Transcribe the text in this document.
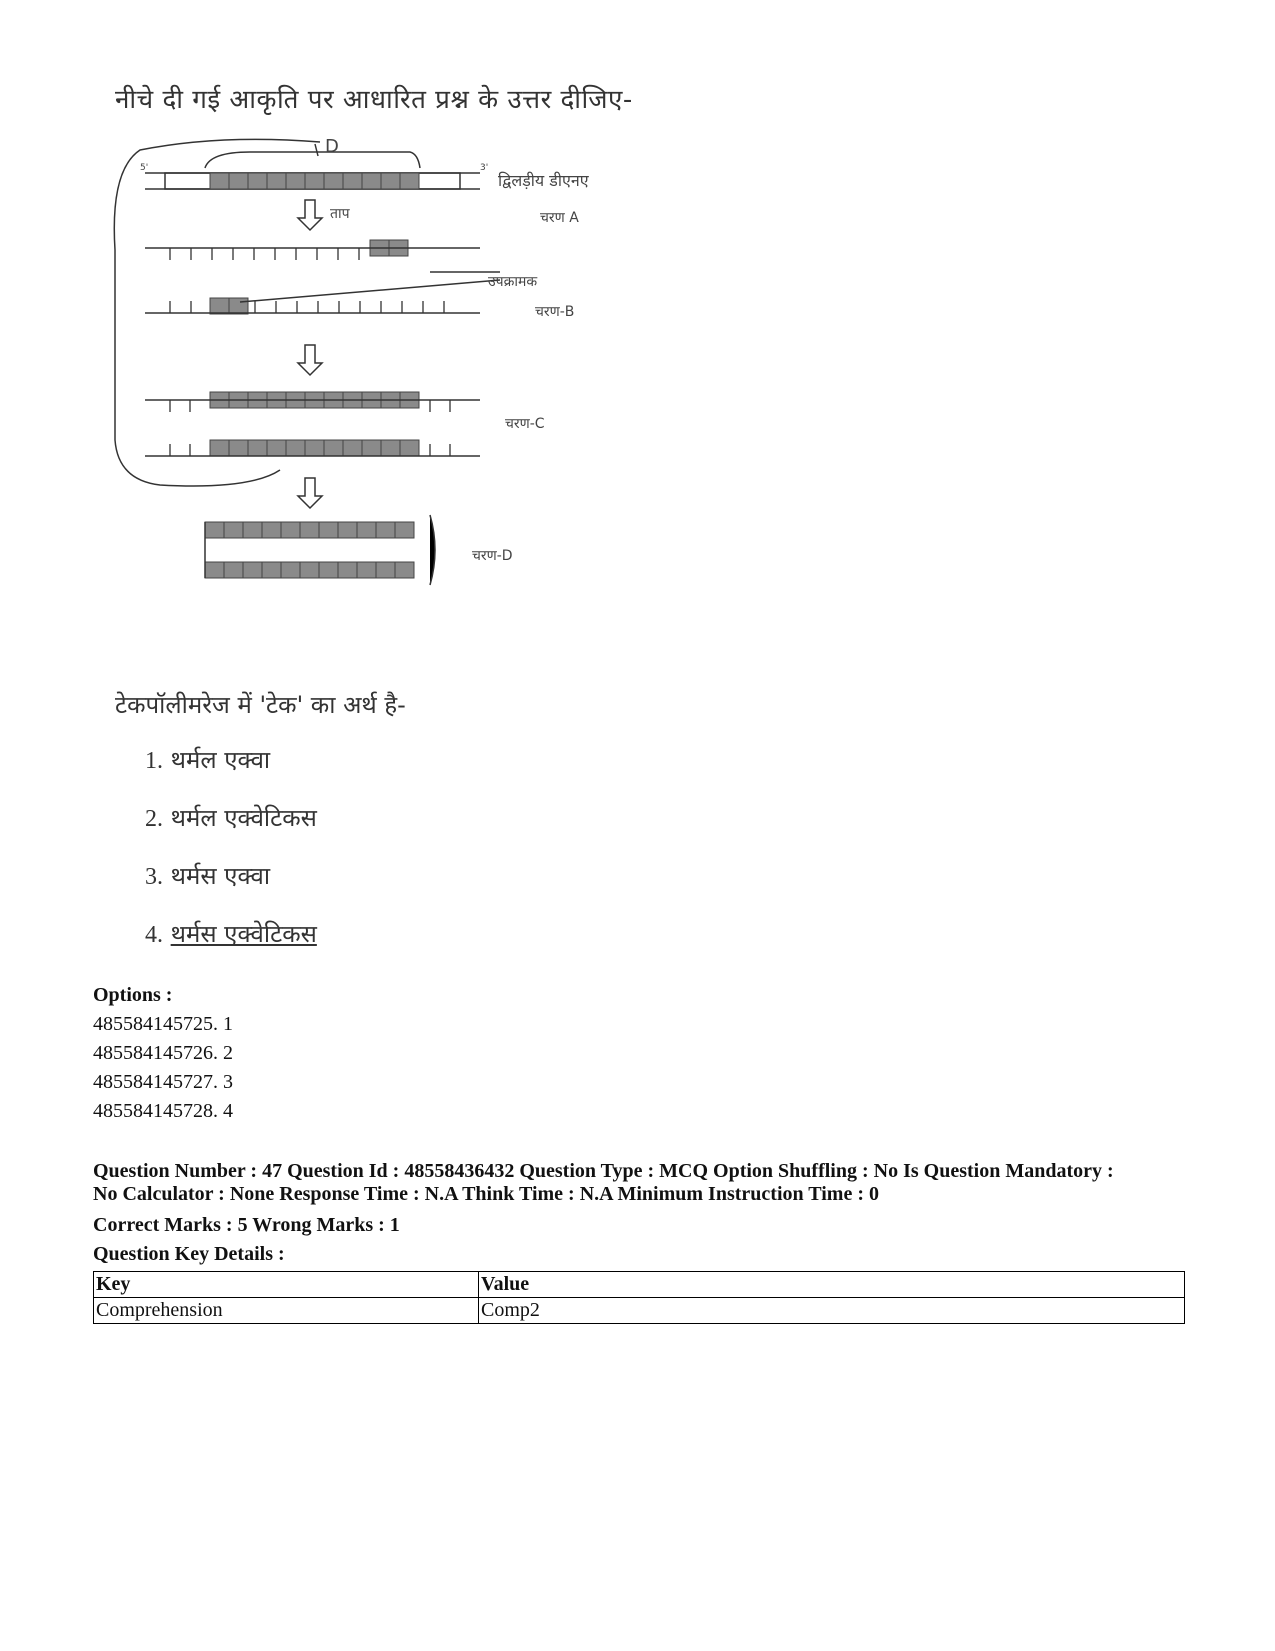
नीचे दी गई आकृति पर आधारित प्रश्न के उत्तर दीजिए-
D
द्विलड़ीय डीएनए
ताप	चरण A
उपक्रामक
चरण-B
चरण-C
चरण-D
5'	3'
टेकपॉलीमरेज में 'टेक' का अर्थ है-
1. थर्मल एक्वा
2. थर्मल एक्वेटिकस
3. थर्मस एक्वा
4. थर्मस एक्वेटिकस
Options :
485584145725. 1
485584145726. 2
485584145727. 3
485584145728. 4
Question Number : 47 Question Id : 48558436432 Question Type : MCQ Option Shuffling : No Is Question Mandatory :
No Calculator : None Response Time : N.A Think Time : N.A Minimum Instruction Time : 0
Correct Marks : 5 Wrong Marks : 1
Question Key Details :
Key	Value
Comprehension	Comp2
